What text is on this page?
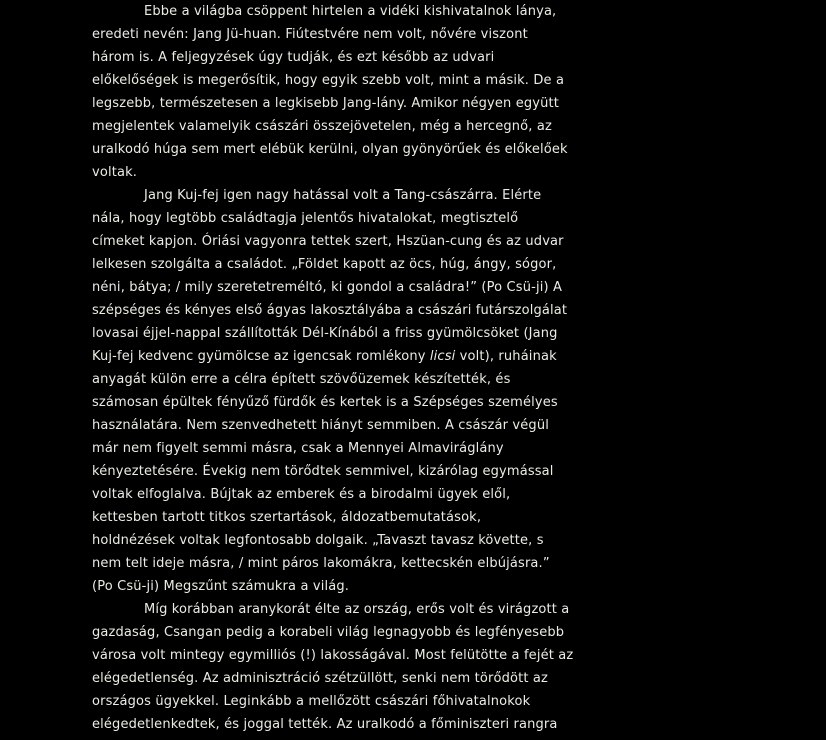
Ebbe a világba csöppent hirtelen a vidéki kishivatalnok lánya,
eredeti nevén: Jang Jü-huan. Fiútestvére nem volt, nővére viszont
három is. A feljegyzések úgy tudják, és ezt később az udvari
előkelőségek is megerősítik, hogy egyik szebb volt, mint a másik. De a
legszebb, természetesen a legkisebb Jang-lány. Amikor négyen együtt
megjelentek valamelyik császári összejövetelen, még a hercegnő, az
uralkodó húga sem mert elébük kerülni, olyan gyönyörűek és előkelőek
voltak.
Jang Kuj-fej igen nagy hatással volt a Tang-császárra. Elérte
nála, hogy legtöbb családtagja jelentős hivatalokat, megtisztelő
címeket kapjon. Óriási vagyonra tettek szert, Hszüan-cung és az udvar
lelkesen szolgálta a családot. „Földet kapott az öcs, húg, ángy, sógor,
néni, bátya; / mily szeretetreméltó, ki gondol a családra!” (Po Csü-ji) A
szépséges és kényes első ágyas lakosztályába a császári futárszolgálat
lovasai éjjel-nappal szállították Dél-Kínából a friss gyümölcsöket (Jang
Kuj-fej kedvenc gyümölcse az igencsak romlékony licsi volt), ruháinak
anyagát külön erre a célra épített szövőüzemek készítették, és
számosan épültek fényűző fürdők és kertek is a Szépséges személyes
használatára. Nem szenvedhetett hiányt semmiben. A császár végül
már nem figyelt semmi másra, csak a Mennyei Almaviráglány
kényeztetésére. Évekig nem törődtek semmivel, kizárólag egymással
voltak elfoglalva. Bújtak az emberek és a birodalmi ügyek elől,
kettesben tartott titkos szertartások, áldozatbemutatások,
holdnézések voltak legfontosabb dolgaik. „Tavaszt tavasz követte, s
nem telt ideje másra, / mint páros lakomákra, kettecskén elbújásra.”
(Po Csü-ji) Megszűnt számukra a világ.
Míg korábban aranykorát élte az ország, erős volt és virágzott a
gazdaság, Csangan pedig a korabeli világ legnagyobb és legfényesebb
városa volt mintegy egymilliós (!) lakosságával. Most felütötte a fejét az
elégedetlenség. Az adminisztráció szétzüllött, senki nem törődött az
országos ügyekkel. Leginkább a mellőzött császári főhivatalnokok
elégedetlenkedtek, és joggal tették. Az uralkodó a főminiszteri rangra
